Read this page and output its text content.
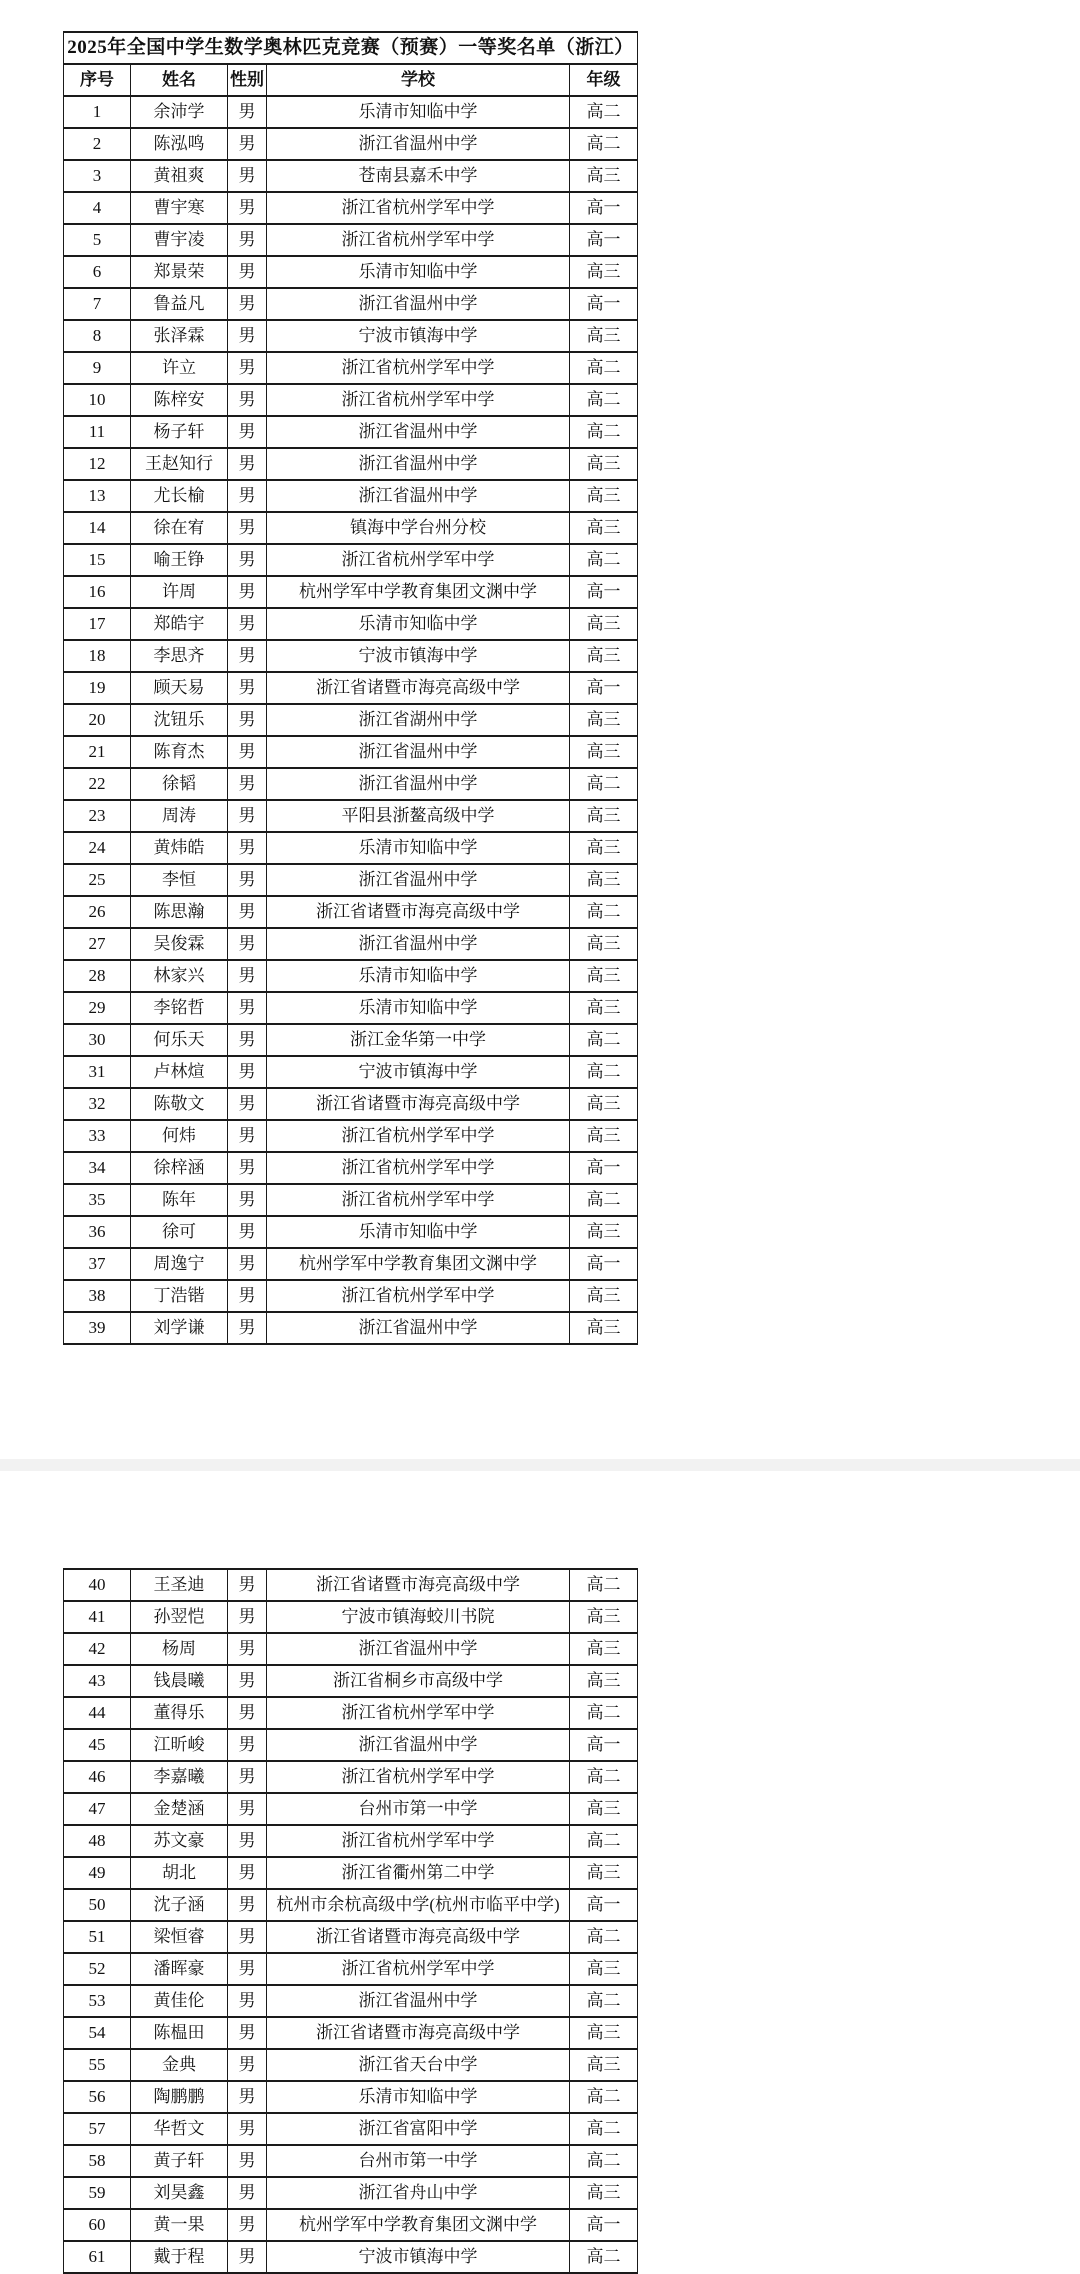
2025年全国中学生数学奥林匹克竞赛（预赛）一等奖名单（浙江）				
序号	姓名	性别	学校	年级
1	余沛学	男	乐清市知临中学	高二
2	陈泓鸣	男	浙江省温州中学	高二
3	黄祖爽	男	苍南县嘉禾中学	高三
4	曹宇寒	男	浙江省杭州学军中学	高一
5	曹宇凌	男	浙江省杭州学军中学	高一
6	郑景荣	男	乐清市知临中学	高三
7	鲁益凡	男	浙江省温州中学	高一
8	张泽霖	男	宁波市镇海中学	高三
9	许立	男	浙江省杭州学军中学	高二
10	陈梓安	男	浙江省杭州学军中学	高二
11	杨子轩	男	浙江省温州中学	高二
12	王赵知行	男	浙江省温州中学	高三
13	尤长榆	男	浙江省温州中学	高三
14	徐在宥	男	镇海中学台州分校	高三
15	喻王铮	男	浙江省杭州学军中学	高二
16	许周	男	杭州学军中学教育集团文渊中学	高一
17	郑皓宇	男	乐清市知临中学	高三
18	李思齐	男	宁波市镇海中学	高三
19	顾天易	男	浙江省诸暨市海亮高级中学	高一
20	沈钮乐	男	浙江省湖州中学	高三
21	陈育杰	男	浙江省温州中学	高三
22	徐韬	男	浙江省温州中学	高二
23	周涛	男	平阳县浙鳌高级中学	高三
24	黄炜皓	男	乐清市知临中学	高三
25	李恒	男	浙江省温州中学	高三
26	陈思瀚	男	浙江省诸暨市海亮高级中学	高二
27	吴俊霖	男	浙江省温州中学	高三
28	林家兴	男	乐清市知临中学	高三
29	李铭哲	男	乐清市知临中学	高三
30	何乐天	男	浙江金华第一中学	高二
31	卢林煊	男	宁波市镇海中学	高二
32	陈敬文	男	浙江省诸暨市海亮高级中学	高三
33	何炜	男	浙江省杭州学军中学	高三
34	徐梓涵	男	浙江省杭州学军中学	高一
35	陈年	男	浙江省杭州学军中学	高二
36	徐可	男	乐清市知临中学	高三
37	周逸宁	男	杭州学军中学教育集团文渊中学	高一
38	丁浩锴	男	浙江省杭州学军中学	高三
39	刘学谦	男	浙江省温州中学	高三
40	王圣迪	男	浙江省诸暨市海亮高级中学	高二
41	孙翌恺	男	宁波市镇海蛟川书院	高三
42	杨周	男	浙江省温州中学	高三
43	钱晨曦	男	浙江省桐乡市高级中学	高三
44	董得乐	男	浙江省杭州学军中学	高二
45	江昕峻	男	浙江省温州中学	高一
46	李嘉曦	男	浙江省杭州学军中学	高二
47	金楚涵	男	台州市第一中学	高三
48	苏文豪	男	浙江省杭州学军中学	高二
49	胡北	男	浙江省衢州第二中学	高三
50	沈子涵	男	杭州市余杭高级中学(杭州市临平中学)	高一
51	梁恒睿	男	浙江省诸暨市海亮高级中学	高二
52	潘晖豪	男	浙江省杭州学军中学	高三
53	黄佳伦	男	浙江省温州中学	高二
54	陈榅田	男	浙江省诸暨市海亮高级中学	高三
55	金典	男	浙江省天台中学	高三
56	陶鹏鹏	男	乐清市知临中学	高二
57	华哲文	男	浙江省富阳中学	高二
58	黄子轩	男	台州市第一中学	高二
59	刘昊鑫	男	浙江省舟山中学	高三
60	黄一果	男	杭州学军中学教育集团文渊中学	高一
61	戴于程	男	宁波市镇海中学	高二
